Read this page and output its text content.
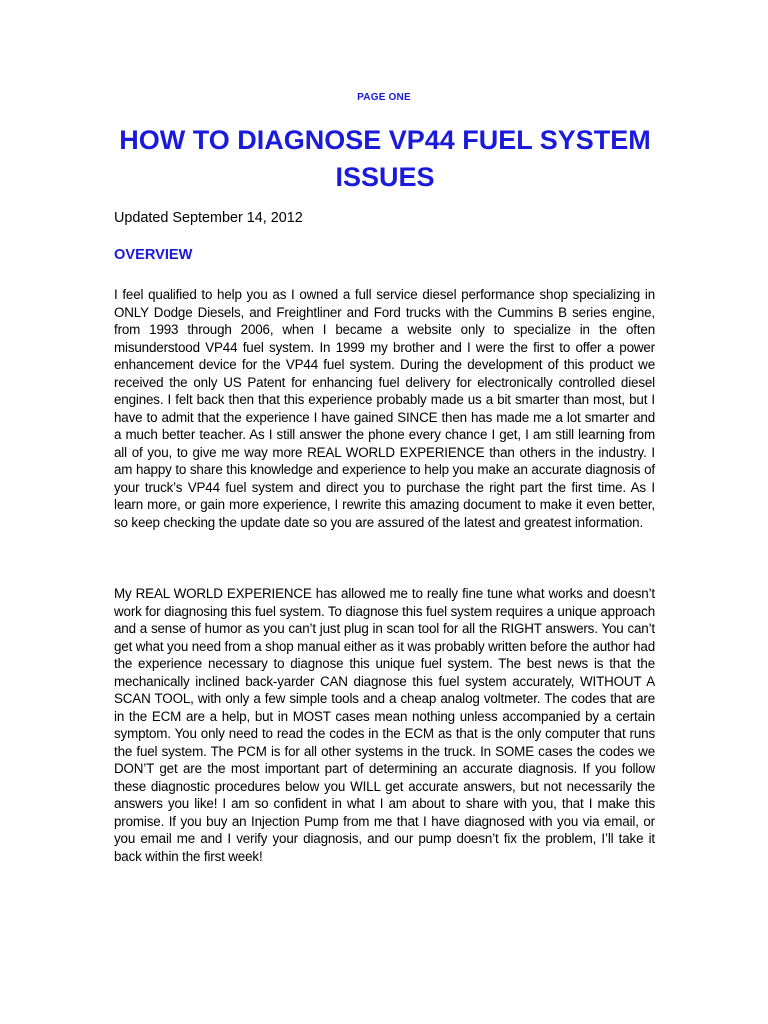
PAGE ONE
HOW TO DIAGNOSE VP44 FUEL SYSTEM ISSUES

Updated September 14, 2012

OVERVIEW

I feel qualified to help you as I owned a full service diesel performance shop specializing in ONLY Dodge Diesels, and Freightliner and Ford trucks with the Cummins B series engine, from 1993 through 2006, when I became a website only to specialize in the often misunderstood VP44 fuel system. In 1999 my brother and I were the first to offer a power enhancement device for the VP44 fuel system. During the development of this product we received the only US Patent for enhancing fuel delivery for electronically controlled diesel engines. I felt back then that this experience probably made us a bit smarter than most, but I have to admit that the experience I have gained SINCE then has made me a lot smarter and a much better teacher. As I still answer the phone every chance I get, I am still learning from all of you, to give me way more REAL WORLD EXPERIENCE than others in the industry. I am happy to share this knowledge and experience to help you make an accurate diagnosis of your truck’s VP44 fuel system and direct you to purchase the right part the first time. As I learn more, or gain more experience, I rewrite this amazing document to make it even better, so keep checking the update date so you are assured of the latest and greatest information.

My REAL WORLD EXPERIENCE has allowed me to really fine tune what works and doesn’t work for diagnosing this fuel system. To diagnose this fuel system requires a unique approach and a sense of humor as you can’t just plug in scan tool for all the RIGHT answers. You can’t get what you need from a shop manual either as it was probably written before the author had the experience necessary to diagnose this unique fuel system. The best news is that the mechanically inclined back-yarder CAN diagnose this fuel system accurately, WITHOUT A SCAN TOOL, with only a few simple tools and a cheap analog voltmeter. The codes that are in the ECM are a help, but in MOST cases mean nothing unless accompanied by a certain symptom. You only need to read the codes in the ECM as that is the only computer that runs the fuel system. The PCM is for all other systems in the truck. In SOME cases the codes we DON’T get are the most important part of determining an accurate diagnosis. If you follow these diagnostic procedures below you WILL get accurate answers, but not necessarily the answers you like! I am so confident in what I am about to share with you, that I make this promise. If you buy an Injection Pump from me that I have diagnosed with you via email, or you email me and I verify your diagnosis, and our pump doesn’t fix the problem, I’ll take it back within the first week!
